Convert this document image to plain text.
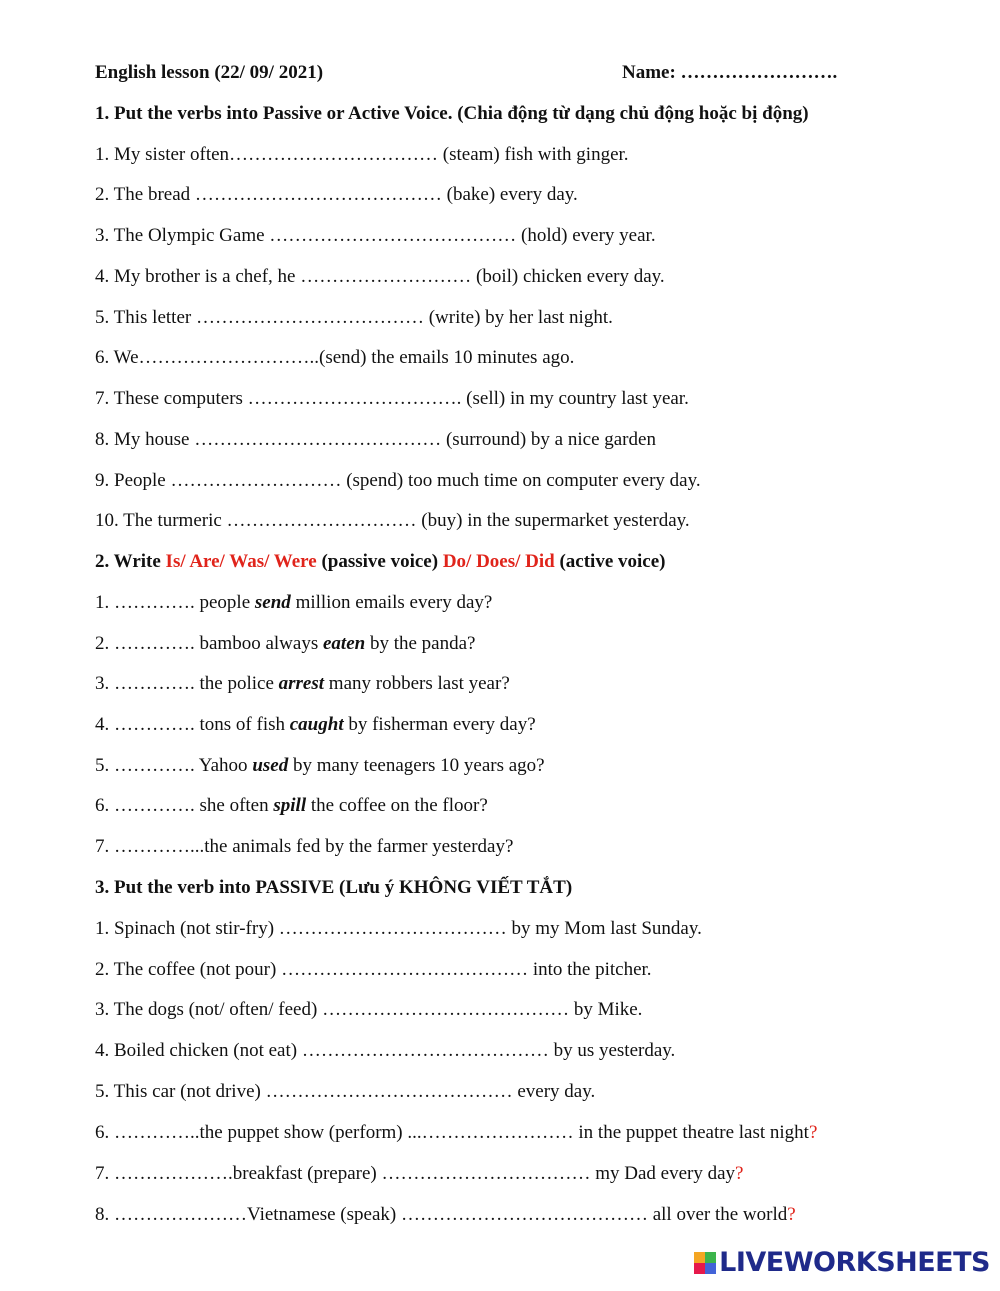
English lesson (22/ 09/ 2021)	Name: …………………….
1. Put the verbs into Passive or Active Voice. (Chia động từ dạng chủ động hoặc bị động)
1. My sister often…………………………… (steam) fish with ginger.
2. The bread ………………………………… (bake) every day.
3. The Olympic Game ………………………………… (hold) every year.
4. My brother is a chef, he ……………………… (boil) chicken every day.
5. This letter ……………………………… (write) by her last night.
6. We………………………..(send) the emails 10 minutes ago.
7. These computers ……………………………. (sell) in my country last year.
8. My house ………………………………… (surround) by a nice garden
9. People ……………………… (spend) too much time on computer every day.
10. The turmeric ………………………… (buy) in the supermarket yesterday.
2. Write Is/ Are/ Was/ Were (passive voice) Do/ Does/ Did (active voice)
1. …………. people send million emails every day?
2. …………. bamboo always eaten by the panda?
3. …………. the police arrest many robbers last year?
4. …………. tons of fish caught by fisherman every day?
5. …………. Yahoo used by many teenagers 10 years ago?
6. …………. she often spill the coffee on the floor?
7. …………...the animals fed by the farmer yesterday?
3. Put the verb into PASSIVE (Lưu ý KHÔNG VIẾT TẮT)
1. Spinach (not stir-fry) ……………………………… by my Mom last Sunday.
2. The coffee (not pour) ………………………………… into the pitcher.
3. The dogs (not/ often/ feed) ………………………………… by Mike.
4. Boiled chicken (not eat) ………………………………… by us yesterday.
5. This car (not drive) ………………………………… every day.
6. …………..the puppet show (perform) ...…………………… in the puppet theatre last night?
7. ……………….breakfast (prepare) …………………………… my Dad every day?
8. …………………Vietnamese (speak) ………………………………… all over the world?
LIVEWORKSHEETS
